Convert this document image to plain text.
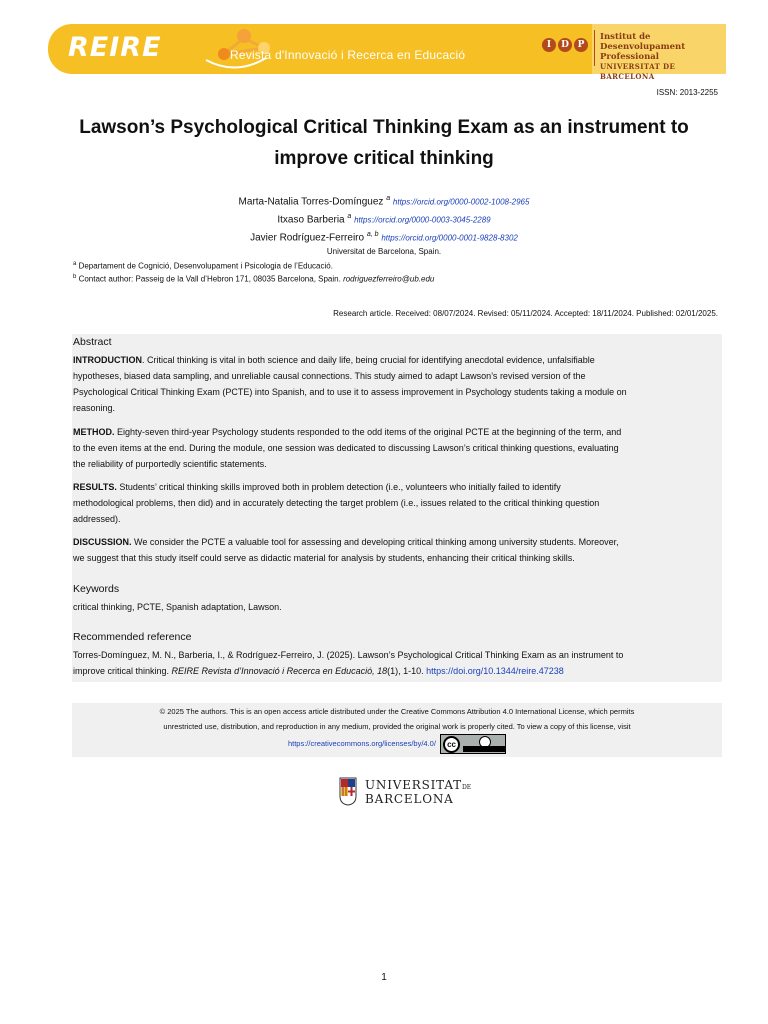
REIRE	Revista d'Innovació i Recerca en Educació
I	D P
Institut de Desenvolupament
Professional
UNIVERSITAT DE BARCELONA
ISSN: 2013-2255
Lawson’s Psychological Critical Thinking Exam as an instrument to
improve critical thinking
Marta-Natalia Torres-Domínguez $^a$ https://orcid.org/0000-0002-1008-2965
Itxaso Barberia $^a$ https://orcid.org/0000-0003-3045-2289
Javier Rodríguez-Ferreiro $^{a, b}$ https://orcid.org/0000-0001-9828-8302
Universitat de Barcelona, Spain.
$^a$ Departament de Cognició, Desenvolupament i Psicologia de l’Educació.
$^b$ Contact author: Passeig de la Vall d’Hebron 171, 08035 Barcelona, Spain. rodriguezferreiro@ub.edu
Research article. Received: 08/07/2024. Revised: 05/11/2024. Accepted: 18/11/2024. Published: 02/01/2025.
Abstract

INTRODUCTION. Critical thinking is vital in both science and daily life, being crucial for identifying anecdotal evidence, unfalsifiable
hypotheses, biased data sampling, and unreliable causal connections. This study aimed to adapt Lawson’s revised version of the
Psychological Critical Thinking Exam (PCTE) into Spanish, and to use it to assess improvement in Psychology students taking a module on
reasoning.

METHOD. Eighty-seven third-year Psychology students responded to the odd items of the original PCTE at the beginning of the term, and
to the even items at the end. During the module, one session was dedicated to discussing Lawson’s critical thinking questions, evaluating
the reliability of purportedly scientific statements.

RESULTS. Students’ critical thinking skills improved both in problem detection (i.e., volunteers who initially failed to identify
methodological problems, then did) and in accurately detecting the target problem (i.e., issues related to the critical thinking question
addressed).

DISCUSSION. We consider the PCTE a valuable tool for assessing and developing critical thinking among university students. Moreover,
we suggest that this study itself could serve as didactic material for analysis by students, enhancing their critical thinking skills.

Keywords

critical thinking, PCTE, Spanish adaptation, Lawson.

Recommended reference

Torres-Domínguez, M. N., Barberia, I., & Rodríguez-Ferreiro, J. (2025). Lawson’s Psychological Critical Thinking Exam as an instrument to
improve critical thinking. REIRE Revista d’Innovació i Recerca en Educació, 18(1), 1-10. https://doi.org/10.1344/reire.47238

© 2025 The authors. This is an open access article distributed under the Creative Commons Attribution 4.0 International License, which permits
unrestricted use, distribution, and reproduction in any medium, provided the original work is properly cited. To view a copy of this license, visit
https://creativecommons.org/licenses/by/4.0/	cc
UNIVERSITATDE
BARCELONA
1
